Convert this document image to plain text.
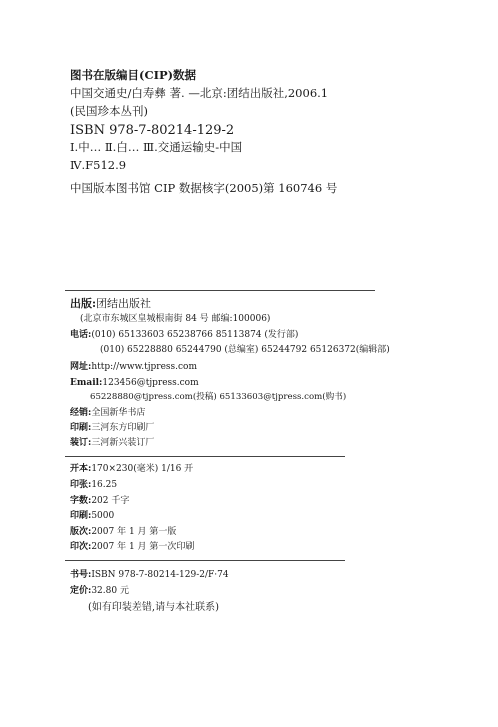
图书在版编目(CIP)数据
中国交通史/白寿彝 著. —北京:团结出版社,2006.1
(民国珍本丛刊)
ISBN 978-7-80214-129-2
Ⅰ.中… Ⅱ.白… Ⅲ.交通运输史-中国
Ⅳ.F512.9
中国版本图书馆 CIP 数据核字(2005)第 160746 号
出版:团结出版社
(北京市东城区皇城根南街 84 号 邮编:100006)
电话:(010) 65133603 65238766 85113874 (发行部)
(010) 65228880 65244790 (总编室) 65244792 65126372(编辑部)
网址:http://www.tjpress.com
Email:123456@tjpress.com
65228880@tjpress.com(投稿) 65133603@tjpress.com(购书)
经销:全国新华书店
印刷:三河东方印刷厂
装订:三河新兴装订厂
开本:170×230(毫米) 1/16 开
印张:16.25
字数:202 千字
印刷:5000
版次:2007 年 1 月 第一版
印次:2007 年 1 月 第一次印刷
书号:ISBN 978-7-80214-129-2/F·74
定价:32.80 元
(如有印装差错,请与本社联系)
